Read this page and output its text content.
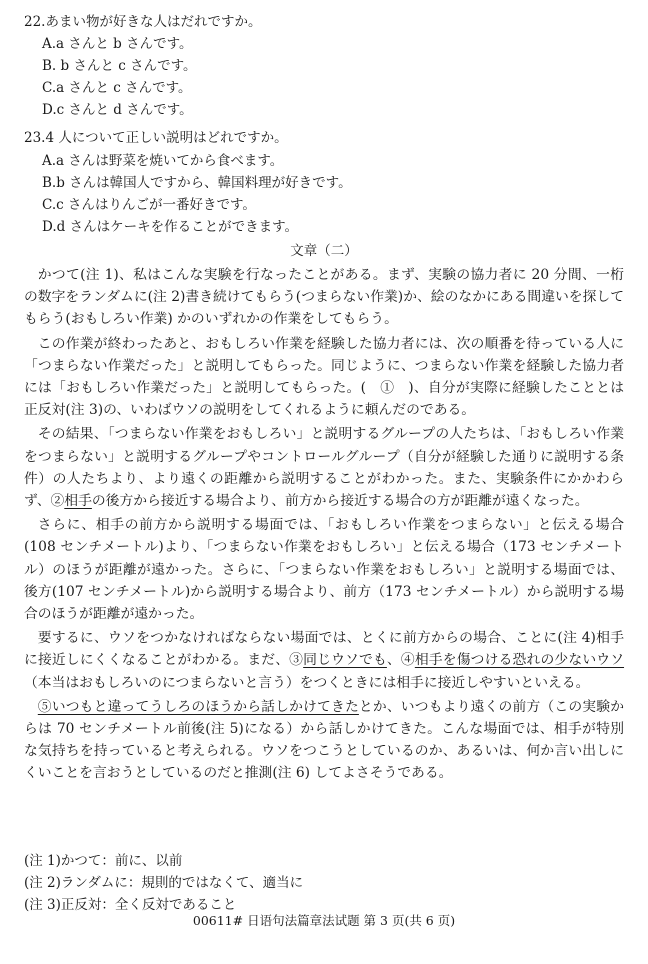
22.あまい物が好きな人はだれですか。
A.a さんと b さんです。
B. b さんと c さんです。
C.a さんと c さんです。
D.c さんと d さんです。
23.4 人について正しい説明はどれですか。
A.a さんは野菜を焼いてから食べます。
B.b さんは韓国人ですから、韓国料理が好きです。
C.c さんはりんごが一番好きです。
D.d さんはケーキを作ることができます。
文章（二）

かつて(注 1)、私はこんな実験を行なったことがある。まず、実験の協力者に 20 分間、一桁の数字をランダムに(注 2)書き続けてもらう(つまらない作業)か、絵のなかにある間違いを探してもらう(おもしろい作業) かのいずれかの作業をしてもらう。

この作業が終わったあと、おもしろい作業を経験した協力者には、次の順番を待っている人に「つまらない作業だった」と説明してもらった。同じように、つまらない作業を経験した協力者には「おもしろい作業だった」と説明してもらった。(　①　)、自分が実際に経験したこととは正反対(注 3)の、いわばウソの説明をしてくれるように頼んだのである。

その結果、「つまらない作業をおもしろい」と説明するグループの人たちは、「おもしろい作業をつまらない」と説明するグループやコントロールグループ（自分が経験した通りに説明する条件）の人たちより、より遠くの距離から説明することがわかった。また、実験条件にかかわらず、②相手の後方から接近する場合より、前方から接近する場合の方が距離が遠くなった。

さらに、相手の前方から説明する場面では、「おもしろい作業をつまらない」と伝える場合(108 センチメートル)より、「つまらない作業をおもしろい」と伝える場合（173 センチメートル）のほうが距離が遠かった。さらに、「つまらない作業をおもしろい」と説明する場面では、後方(107 センチメートル)から説明する場合より、前方（173 センチメートル）から説明する場合のほうが距離が遠かった。

要するに、ウソをつかなければならない場面では、とくに前方からの場合、ことに(注 4)相手に接近しにくくなることがわかる。まだ、③同じウソでも、④相手を傷つける恐れの少ないウソ（本当はおもしろいのにつまらないと言う）をつくときには相手に接近しやすいといえる。

⑤いつもと違ってうしろのほうから話しかけてきたとか、いつもより遠くの前方（この実験からは 70 センチメートル前後(注 5)になる）から話しかけてきた。こんな場面では、相手が特別な気持ちを持っていると考えられる。ウソをつこうとしているのか、あるいは、何か言い出しにくいことを言おうとしているのだと推測(注 6) してよさそうである。

(注 1)かつて：前に、以前
(注 2)ランダムに：規則的ではなくて、適当に
(注 3)正反対：全く反対であること
00611# 日语句法篇章法试题 第 3 页(共 6 页)
